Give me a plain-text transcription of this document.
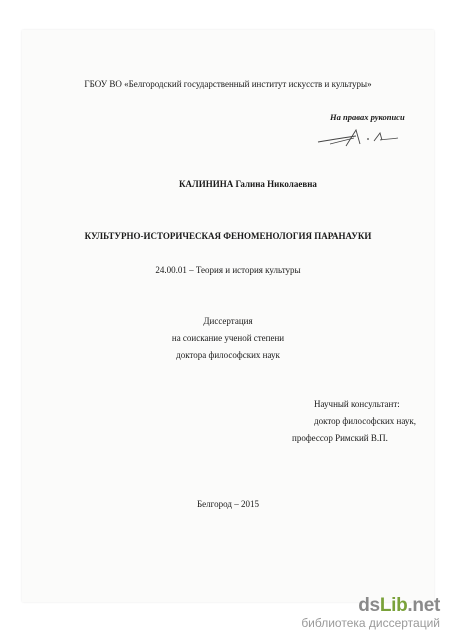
ГБОУ ВО «Белгородский государственный институт искусств и культуры»
На правах рукописи
КАЛИНИНА Галина Николаевна
КУЛЬТУРНО-ИСТОРИЧЕСКАЯ ФЕНОМЕНОЛОГИЯ ПАРАНАУКИ
24.00.01 – Теория и история культуры
Диссертация
на соискание ученой степени
доктора философских наук
Научный консультант:
доктор философских наук,
профессор Римский В.П.
Белгород – 2015
dsLib.net
библиотека диссертаций
